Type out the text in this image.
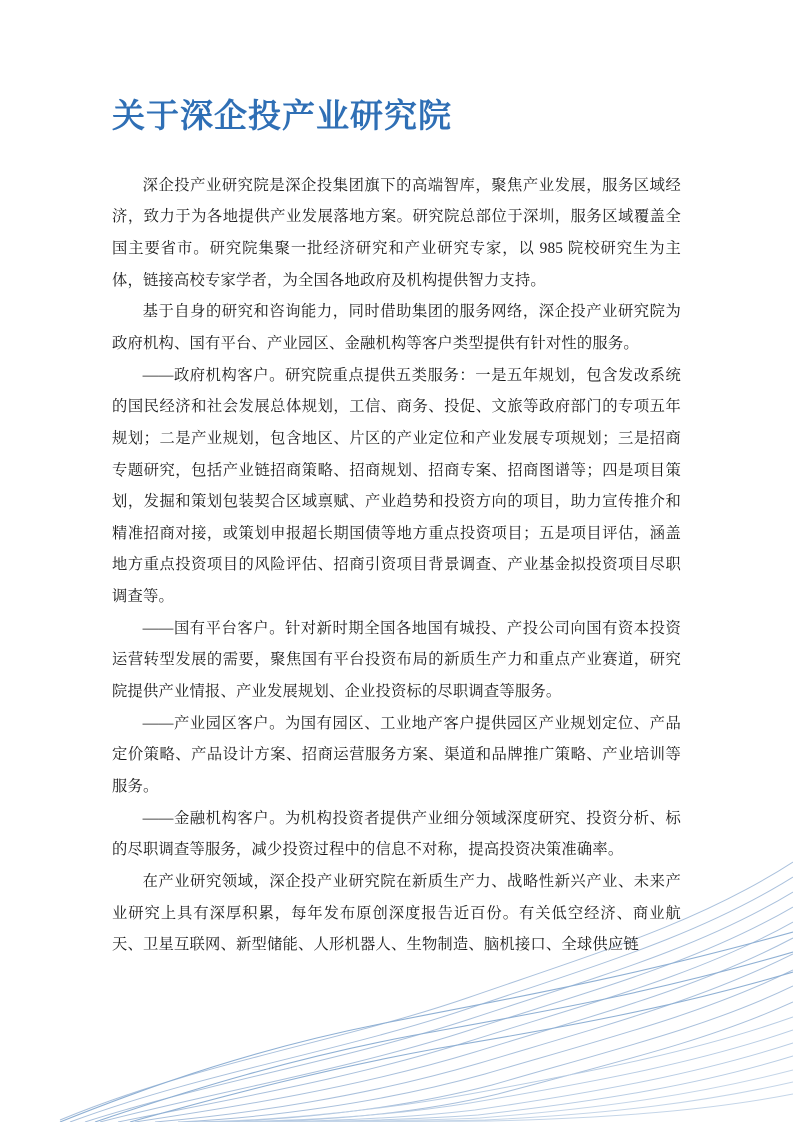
关于深企投产业研究院

深企投产业研究院是深企投集团旗下的高端智库，聚焦产业发展，服务区域经济，致力于为各地提供产业发展落地方案。研究院总部位于深圳，服务区域覆盖全国主要省市。研究院集聚一批经济研究和产业研究专家，以 985 院校研究生为主体，链接高校专家学者，为全国各地政府及机构提供智力支持。

基于自身的研究和咨询能力，同时借助集团的服务网络，深企投产业研究院为政府机构、国有平台、产业园区、金融机构等客户类型提供有针对性的服务。

——政府机构客户。研究院重点提供五类服务：一是五年规划，包含发改系统的国民经济和社会发展总体规划，工信、商务、投促、文旅等政府部门的专项五年规划；二是产业规划，包含地区、片区的产业定位和产业发展专项规划；三是招商专题研究，包括产业链招商策略、招商规划、招商专案、招商图谱等；四是项目策划，发掘和策划包装契合区域禀赋、产业趋势和投资方向的项目，助力宣传推介和精准招商对接，或策划申报超长期国债等地方重点投资项目；五是项目评估，涵盖地方重点投资项目的风险评估、招商引资项目背景调查、产业基金拟投资项目尽职调查等。

——国有平台客户。针对新时期全国各地国有城投、产投公司向国有资本投资运营转型发展的需要，聚焦国有平台投资布局的新质生产力和重点产业赛道，研究院提供产业情报、产业发展规划、企业投资标的尽职调查等服务。

——产业园区客户。为国有园区、工业地产客户提供园区产业规划定位、产品定价策略、产品设计方案、招商运营服务方案、渠道和品牌推广策略、产业培训等服务。

——金融机构客户。为机构投资者提供产业细分领域深度研究、投资分析、标的尽职调查等服务，减少投资过程中的信息不对称，提高投资决策准确率。

在产业研究领域，深企投产业研究院在新质生产力、战略性新兴产业、未来产业研究上具有深厚积累，每年发布原创深度报告近百份。有关低空经济、商业航天、卫星互联网、新型储能、人形机器人、生物制造、脑机接口、全球供应链
